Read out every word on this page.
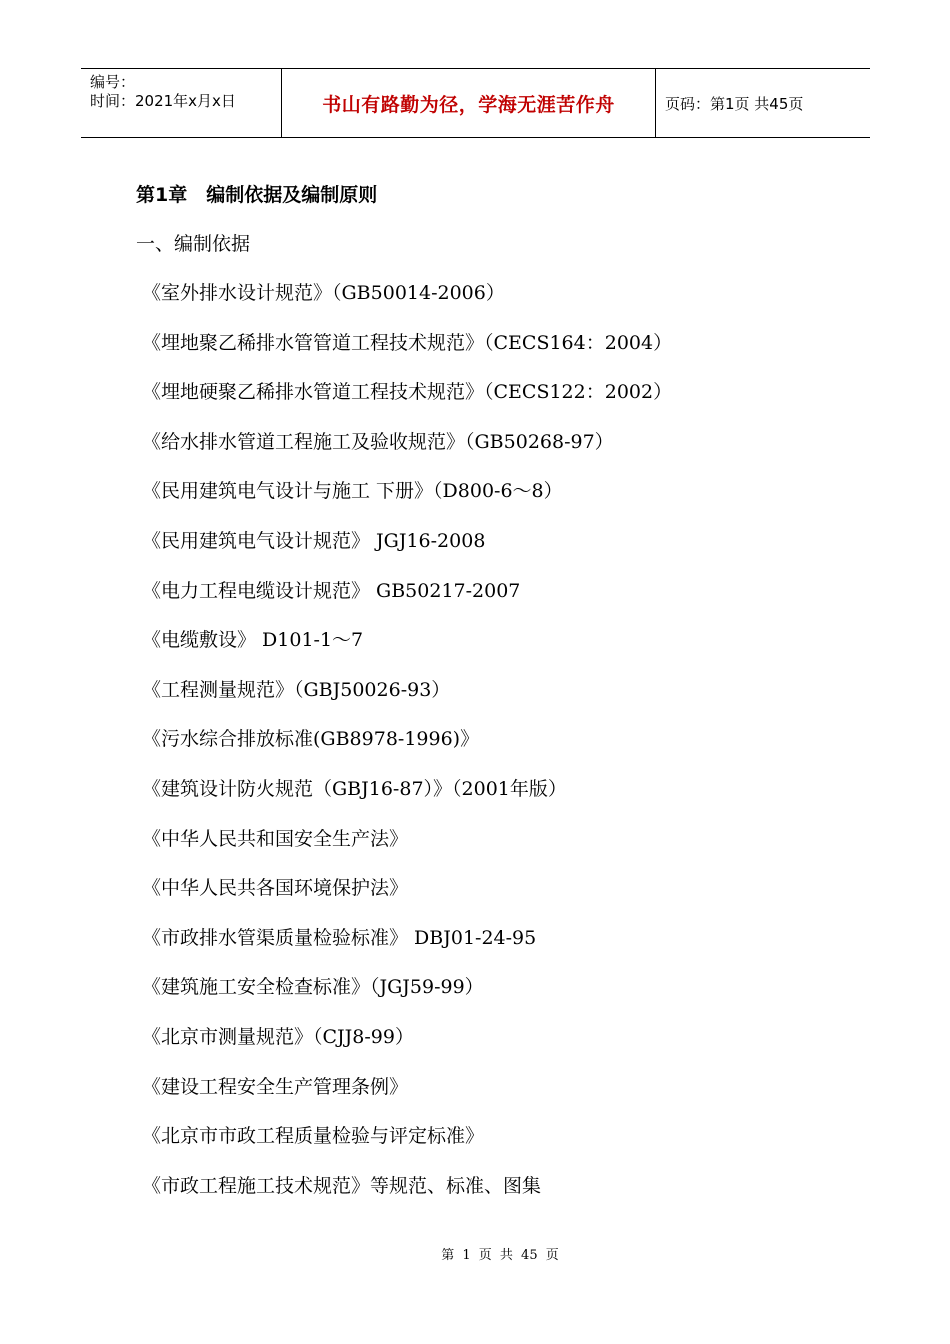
编号：
时间：2021年x月x日	书山有路勤为径，学海无涯苦作舟	页码：第1页 共45页
第1章　编制依据及编制原则
一、编制依据
《室外排水设计规范》（GB50014-2006）
《埋地聚乙稀排水管管道工程技术规范》（CECS164：2004）
《埋地硬聚乙稀排水管道工程技术规范》（CECS122：2002）
《给水排水管道工程施工及验收规范》（GB50268-97）
《民用建筑电气设计与施工 下册》（D800-6～8）
《民用建筑电气设计规范》 JGJ16-2008
《电力工程电缆设计规范》 GB50217-2007
《电缆敷设》 D101-1～7
《工程测量规范》（GBJ50026-93）
《污水综合排放标准(GB8978-1996)》
《建筑设计防火规范（GBJ16-87）》（2001年版）
《中华人民共和国安全生产法》
《中华人民共各国环境保护法》
《市政排水管渠质量检验标准》 DBJ01-24-95
《建筑施工安全检查标准》（JGJ59-99）
《北京市测量规范》（CJJ8-99）
《建设工程安全生产管理条例》
《北京市市政工程质量检验与评定标准》
《市政工程施工技术规范》等规范、标准、图集
第 1 页 共 45 页
